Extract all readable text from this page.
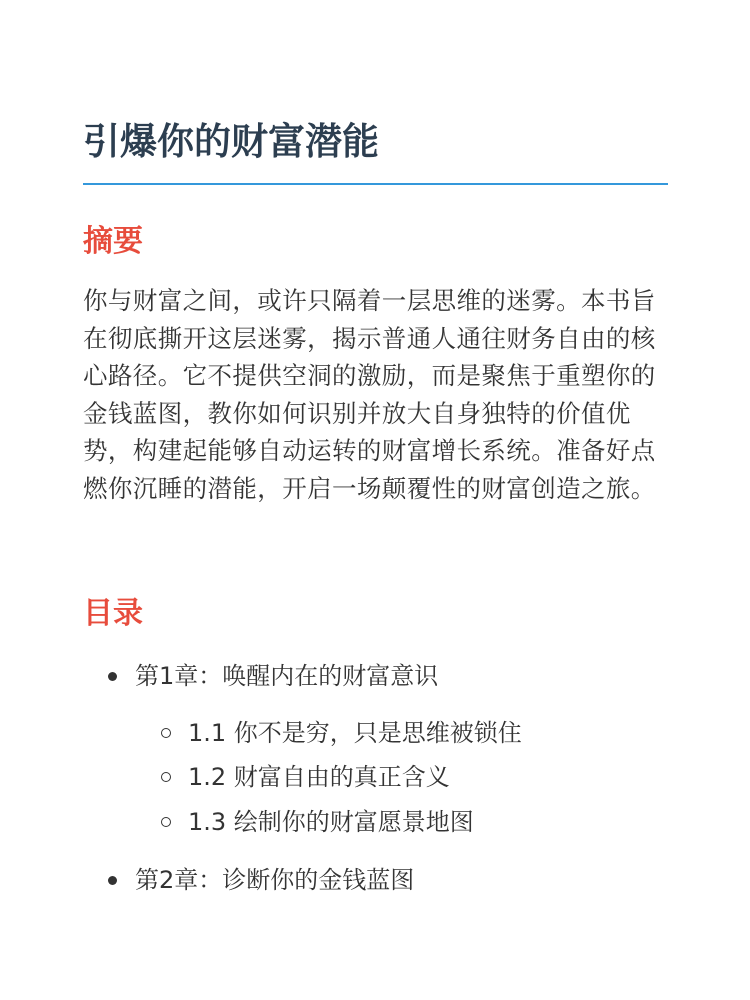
引爆你的财富潜能
摘要

你与财富之间，或许只隔着一层思维的迷雾。本书旨在彻底撕开这层迷雾，揭示普通人通往财务自由的核心路径。它不提供空洞的激励，而是聚焦于重塑你的金钱蓝图，教你如何识别并放大自身独特的价值优势，构建起能够自动运转的财富增长系统。准备好点燃你沉睡的潜能，开启一场颠覆性的财富创造之旅。

目录
第1章：唤醒内在的财富意识
1.1 你不是穷，只是思维被锁住
1.2 财富自由的真正含义
1.3 绘制你的财富愿景地图
第2章：诊断你的金钱蓝图
